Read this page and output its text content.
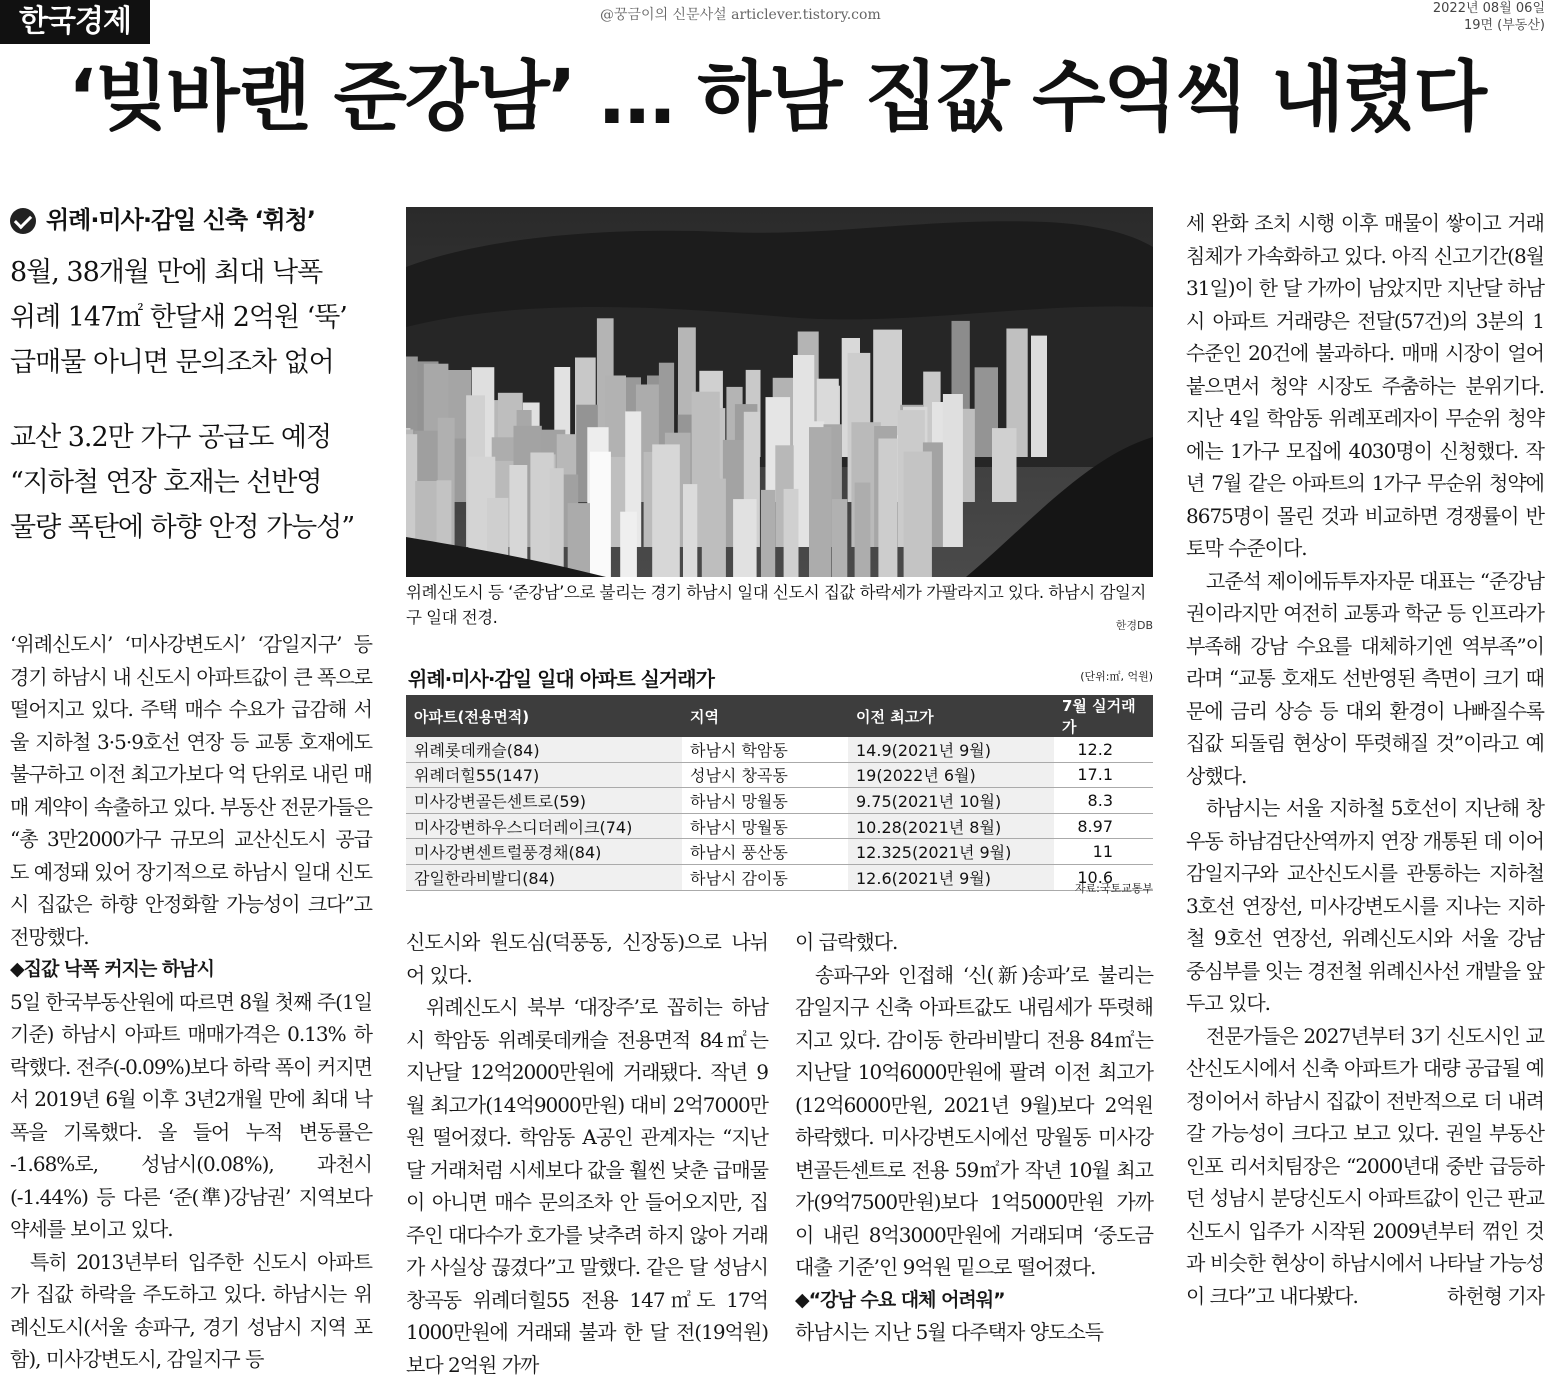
한국경제	@꿍금이의 신문사설 articlever.tistory.com	2022년 08월 06일
19면 (부동산)
‘빚바랜 준강남’ … 하남 집값 수억씩 내렸다
위례·미사·감일 신축 ‘휘청’
8월, 38개월 만에 최대 낙폭
위례 147㎡ 한달새 2억원 ‘뚝’
급매물 아니면 문의조차 없어
교산 3.2만 가구 공급도 예정
“지하철 연장 호재는 선반영
물량 폭탄에 하향 안정 가능성”
위례신도시 등 ‘준강남’으로 불리는 경기 하남시 일대 신도시 집값 하락세가 가팔라지고 있다. 하남시 감일지구 일대 전경.	한경DB
위례·미사·감일 일대 아파트 실거래가	(단위:㎡, 억원)
아파트(전용면적)	지역	이전 최고가	7월 실거래가
위례롯데캐슬(84)	하남시 학암동	14.9(2021년 9월)	12.2
위례더힐55(147)	성남시 창곡동	19(2022년 6월)	17.1
미사강변골든센트로(59)	하남시 망월동	9.75(2021년 10월)	8.3
미사강변하우스디더레이크(74)	하남시 망월동	10.28(2021년 8월)	8.97
미사강변센트럴풍경채(84)	하남시 풍산동	12.325(2021년 9월)	11
감일한라비발디(84)	하남시 감이동	12.6(2021년 9월)	10.6
자료:국토교통부

‘위례신도시’ ‘미사강변도시’ ‘감일지구’ 등 경기 하남시 내 신도시 아파트값이 큰 폭으로 떨어지고 있다. 주택 매수 수요가 급감해 서울 지하철 3·5·9호선 연장 등 교통 호재에도 불구하고 이전 최고가보다 억 단위로 내린 매매 계약이 속출하고 있다. 부동산 전문가들은 “총 3만2000가구 규모의 교산신도시 공급도 예정돼 있어 장기적으로 하남시 일대 신도시 집값은 하향 안정화할 가능성이 크다”고 전망했다.

◆집값 낙폭 커지는 하남시

5일 한국부동산원에 따르면 8월 첫째 주(1일 기준) 하남시 아파트 매매가격은 0.13% 하락했다. 전주(-0.09%)보다 하락 폭이 커지면서 2019년 6월 이후 3년2개월 만에 최대 낙폭을 기록했다. 올 들어 누적 변동률은 -1.68%로, 성남시(0.08%), 과천시(-1.44%) 등 다른 ‘준(準)강남권’ 지역보다 약세를 보이고 있다.

특히 2013년부터 입주한 신도시 아파트가 집값 하락을 주도하고 있다. 하남시는 위례신도시(서울 송파구, 경기 성남시 지역 포함), 미사강변도시, 감일지구 등

신도시와 원도심(덕풍동, 신장동)으로 나뉘어 있다.

위례신도시 북부 ‘대장주’로 꼽히는 하남시 학암동 위례롯데캐슬 전용면적 84㎡는 지난달 12억2000만원에 거래됐다. 작년 9월 최고가(14억9000만원) 대비 2억7000만원 떨어졌다. 학암동 A공인 관계자는 “지난달 거래처럼 시세보다 값을 훨씬 낮춘 급매물이 아니면 매수 문의조차 안 들어오지만, 집주인 대다수가 호가를 낮추려 하지 않아 거래가 사실상 끊겼다”고 말했다. 같은 달 성남시 창곡동 위례더힐55 전용 147㎡도 17억1000만원에 거래돼 불과 한 달 전(19억원)보다 2억원 가까

이 급락했다.

송파구와 인접해 ‘신(新)송파’로 불리는 감일지구 신축 아파트값도 내림세가 뚜렷해지고 있다. 감이동 한라비발디 전용 84㎡는 지난달 10억6000만원에 팔려 이전 최고가(12억6000만원, 2021년 9월)보다 2억원 하락했다. 미사강변도시에선 망월동 미사강변골든센트로 전용 59㎡가 작년 10월 최고가(9억7500만원)보다 1억5000만원 가까이 내린 8억3000만원에 거래되며 ‘중도금 대출 기준’인 9억원 밑으로 떨어졌다.

◆“강남 수요 대체 어려워”

하남시는 지난 5월 다주택자 양도소득

세 완화 조치 시행 이후 매물이 쌓이고 거래 침체가 가속화하고 있다. 아직 신고기간(8월 31일)이 한 달 가까이 남았지만 지난달 하남시 아파트 거래량은 전달(57건)의 3분의 1 수준인 20건에 불과하다. 매매 시장이 얼어붙으면서 청약 시장도 주춤하는 분위기다. 지난 4일 학암동 위례포레자이 무순위 청약에는 1가구 모집에 4030명이 신청했다. 작년 7월 같은 아파트의 1가구 무순위 청약에 8675명이 몰린 것과 비교하면 경쟁률이 반토막 수준이다.

고준석 제이에듀투자자문 대표는 “준강남권이라지만 여전히 교통과 학군 등 인프라가 부족해 강남 수요를 대체하기엔 역부족”이라며 “교통 호재도 선반영된 측면이 크기 때문에 금리 상승 등 대외 환경이 나빠질수록 집값 되돌림 현상이 뚜렷해질 것”이라고 예상했다.

하남시는 서울 지하철 5호선이 지난해 창우동 하남검단산역까지 연장 개통된 데 이어 감일지구와 교산신도시를 관통하는 지하철 3호선 연장선, 미사강변도시를 지나는 지하철 9호선 연장선, 위례신도시와 서울 강남 중심부를 잇는 경전철 위례신사선 개발을 앞두고 있다.

전문가들은 2027년부터 3기 신도시인 교산신도시에서 신축 아파트가 대량 공급될 예정이어서 하남시 집값이 전반적으로 더 내려갈 가능성이 크다고 보고 있다. 권일 부동산인포 리서치팀장은 “2000년대 중반 급등하던 성남시 분당신도시 아파트값이 인근 판교신도시 입주가 시작된 2009년부터 꺾인 것과 비슷한 현상이 하남시에서 나타날 가능성이 크다”고 내다봤다.	하헌형 기자
